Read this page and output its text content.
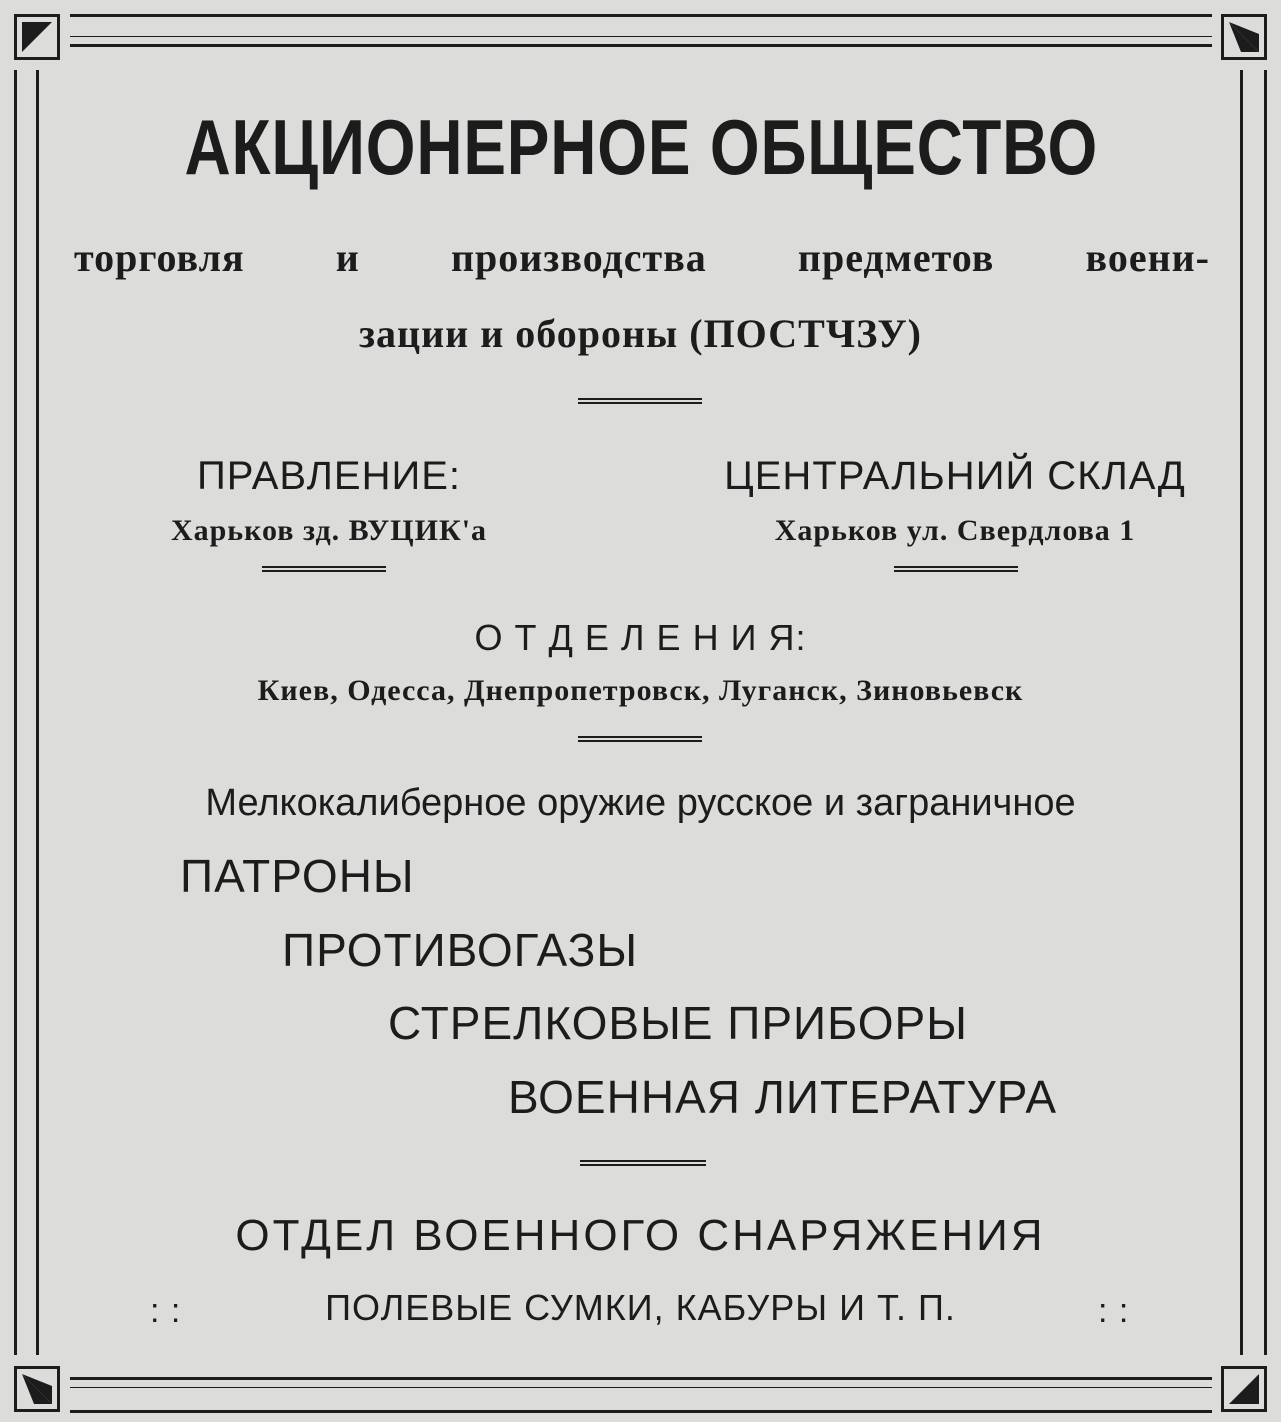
АКЦИОНЕРНОЕ ОБЩЕСТВО
торговля и производства предметов воени-
зации и обороны (ПОСТЧЗУ)
ПРАВЛЕНИЕ:
Харьков зд. ВУЦИК'а
ЦЕНТРАЛЬНИЙ СКЛАД
Харьков ул. Свердлова 1
О Т Д Е Л Е Н И Я:
Киев, Одесса, Днепропетровск, Луганск, Зиновьевск
Мелкокалиберное оружие русское и заграничное
ПАТРОНЫ
ПРОТИВОГАЗЫ
СТРЕЛКОВЫЕ ПРИБОРЫ
ВОЕННАЯ ЛИТЕРАТУРА
ОТДЕЛ ВОЕННОГО СНАРЯЖЕНИЯ
: :	ПОЛЕВЫЕ СУМКИ, КАБУРЫ И Т. П.	: :
